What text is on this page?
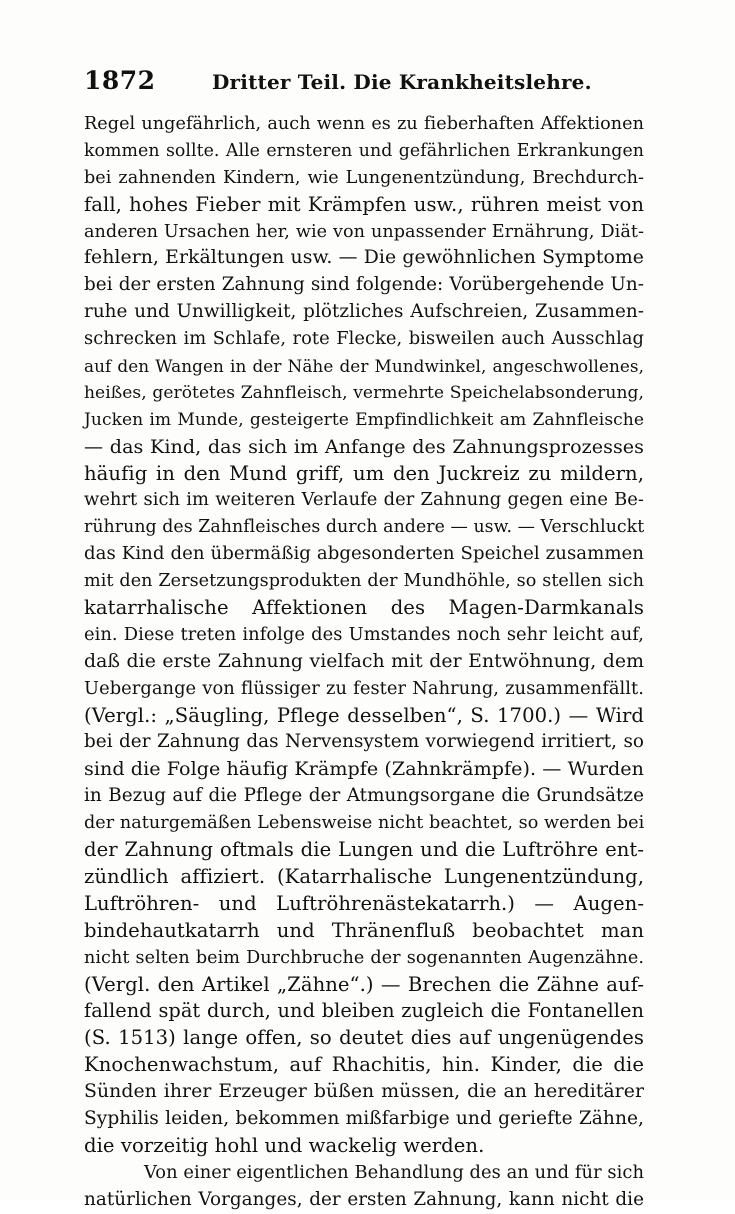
1872	Dritter Teil. Die Krankheitslehre.
Regel ungefährlich, auch wenn es zu fieberhaften Affektionen
kommen sollte. Alle ernsteren und gefährlichen Erkrankungen
bei zahnenden Kindern, wie Lungenentzündung, Brechdurch-
fall, hohes Fieber mit Krämpfen usw., rühren meist von
anderen Ursachen her, wie von unpassender Ernährung, Diät-
fehlern, Erkältungen usw. — Die gewöhnlichen Symptome
bei der ersten Zahnung sind folgende: Vorübergehende Un-
ruhe und Unwilligkeit, plötzliches Aufschreien, Zusammen-
schrecken im Schlafe, rote Flecke, bisweilen auch Ausschlag
auf den Wangen in der Nähe der Mundwinkel, angeschwollenes,
heißes, gerötetes Zahnfleisch, vermehrte Speichelabsonderung,
Jucken im Munde, gesteigerte Empfindlichkeit am Zahnfleische
— das Kind, das sich im Anfange des Zahnungsprozesses
häufig in den Mund griff, um den Juckreiz zu mildern,
wehrt sich im weiteren Verlaufe der Zahnung gegen eine Be-
rührung des Zahnfleisches durch andere — usw. — Verschluckt
das Kind den übermäßig abgesonderten Speichel zusammen
mit den Zersetzungsprodukten der Mundhöhle, so stellen sich
katarrhalische Affektionen des Magen-Darmkanals
ein. Diese treten infolge des Umstandes noch sehr leicht auf,
daß die erste Zahnung vielfach mit der Entwöhnung, dem
Uebergange von flüssiger zu fester Nahrung, zusammenfällt.
(Vergl.: „Säugling, Pflege desselben“, S. 1700.) — Wird
bei der Zahnung das Nervensystem vorwiegend irritiert, so
sind die Folge häufig Krämpfe (Zahnkrämpfe). — Wurden
in Bezug auf die Pflege der Atmungsorgane die Grundsätze
der naturgemäßen Lebensweise nicht beachtet, so werden bei
der Zahnung oftmals die Lungen und die Luftröhre ent-
zündlich affiziert. (Katarrhalische Lungenentzündung,
Luftröhren- und Luftröhrenästekatarrh.) — Augen-
bindehautkatarrh und Thränenfluß beobachtet man
nicht selten beim Durchbruche der sogenannten Augenzähne.
(Vergl. den Artikel „Zähne“.) — Brechen die Zähne auf-
fallend spät durch, und bleiben zugleich die Fontanellen
(S. 1513) lange offen, so deutet dies auf ungenügendes
Knochenwachstum, auf Rhachitis, hin. Kinder, die die
Sünden ihrer Erzeuger büßen müssen, die an hereditärer
Syphilis leiden, bekommen mißfarbige und geriefte Zähne,
die vorzeitig hohl und wackelig werden.
Von einer eigentlichen Behandlung des an und für sich
natürlichen Vorganges, der ersten Zahnung, kann nicht die
